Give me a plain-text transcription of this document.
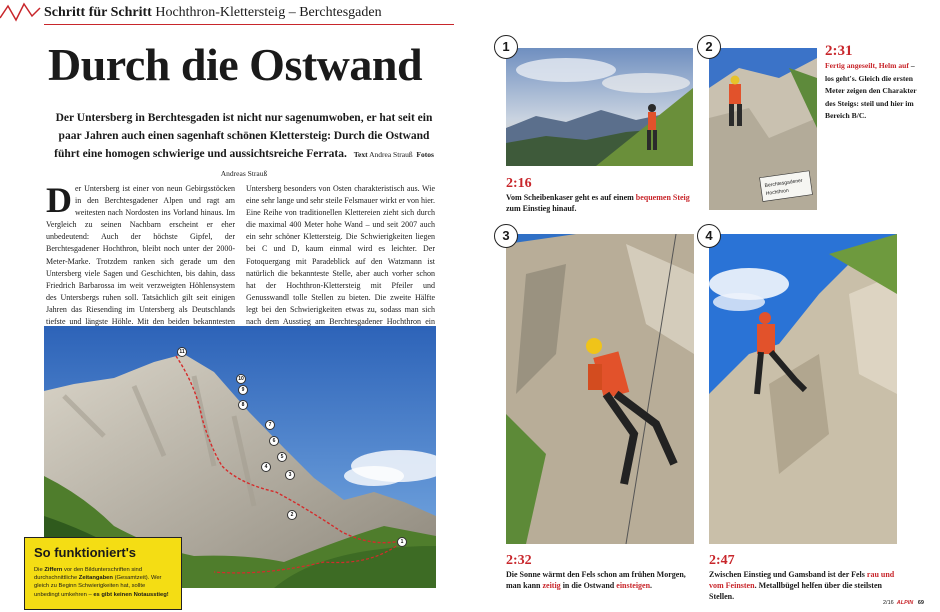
Schritt für Schritt Hochthron-Klettersteig – Berchtesgaden
Durch die Ostwand

Der Untersberg in Berchtesgaden ist nicht nur sagenumwoben, er hat seit ein paar Jahren auch einen sagenhaft schönen Klettersteig: Durch die Ostwand führt eine homogen schwierige und aussichtsreiche Ferrata. Text Andrea Strauß Fotos Andreas Strauß

Der Untersberg ist einer von neun Gebirgsstöcken in den Berchtesgadener Alpen und ragt am weitesten nach Nordosten ins Vorland hinaus. Im Vergleich zu seinen Nachbarn erscheint er eher unbedeutend: Auch der höchste Gipfel, der Berchtesgadener Hochthron, bleibt noch unter der 2000-Meter-Marke. Trotzdem ranken sich gerade um den Untersberg viele Sagen und Geschichten, bis dahin, dass Friedrich Barbarossa im weit verzweigten Höhlensystem des Untersbergs ruhen soll. Tatsächlich gilt seit einigen Jahren das Riesending im Untersberg als Deutschlands tiefste und längste Höhle. Mit den beiden bekanntesten
Untersberg besonders von Osten charakteristisch aus. Wie eine sehr lange und sehr steile Felsmauer wirkt er von hier. Eine Reihe von traditionellen Klettereien zieht sich durch die maximal 400 Meter hohe Wand – und seit 2007 auch ein sehr schöner Klettersteig. Die Schwierigkeiten liegen bei C und D, kaum einmal wird es leichter. Der Fotoquergang mit Paradeblick auf den Watzmann ist natürlich die bekannteste Stelle, aber auch vorher schon hat der Hochthron-Klettersteig mit Pfeiler und Genusswandl tolle Stellen zu bieten. Die zweite Hälfte legt bei den Schwierigkeiten etwas zu, sodass man sich nach dem Ausstieg am Berchtesgadener Hochthron ein
11
10
9
8
7
6
5
4
3
2
1
So funktioniert's
Die Ziffern vor den Bildunterschriften sind durchschnittliche Zeitangaben (Gesamtzeit). Wer gleich zu Beginn Schwierigkeiten hat, sollte unbedingt umkehren – es gibt keinen Notausstieg!
1
2:16
Vom Scheibenkaser geht es auf einem bequemen Steig zum Einstieg hinauf.
Berchtesgadener
Hochthron
2	2:31
Fertig angeseilt, Helm auf – los geht's. Gleich die ersten Meter zeigen den Charakter des Steigs: steil und hier im Bereich B/C.
3
2:32
Die Sonne wärmt den Fels schon am frühen Morgen, man kann zeitig in die Ostwand einsteigen.
4
2:47
Zwischen Einstieg und Gamsband ist der Fels rau und vom Feinsten. Metallbügel helfen über die steilsten Stellen.
2/16 ALPIN 69
